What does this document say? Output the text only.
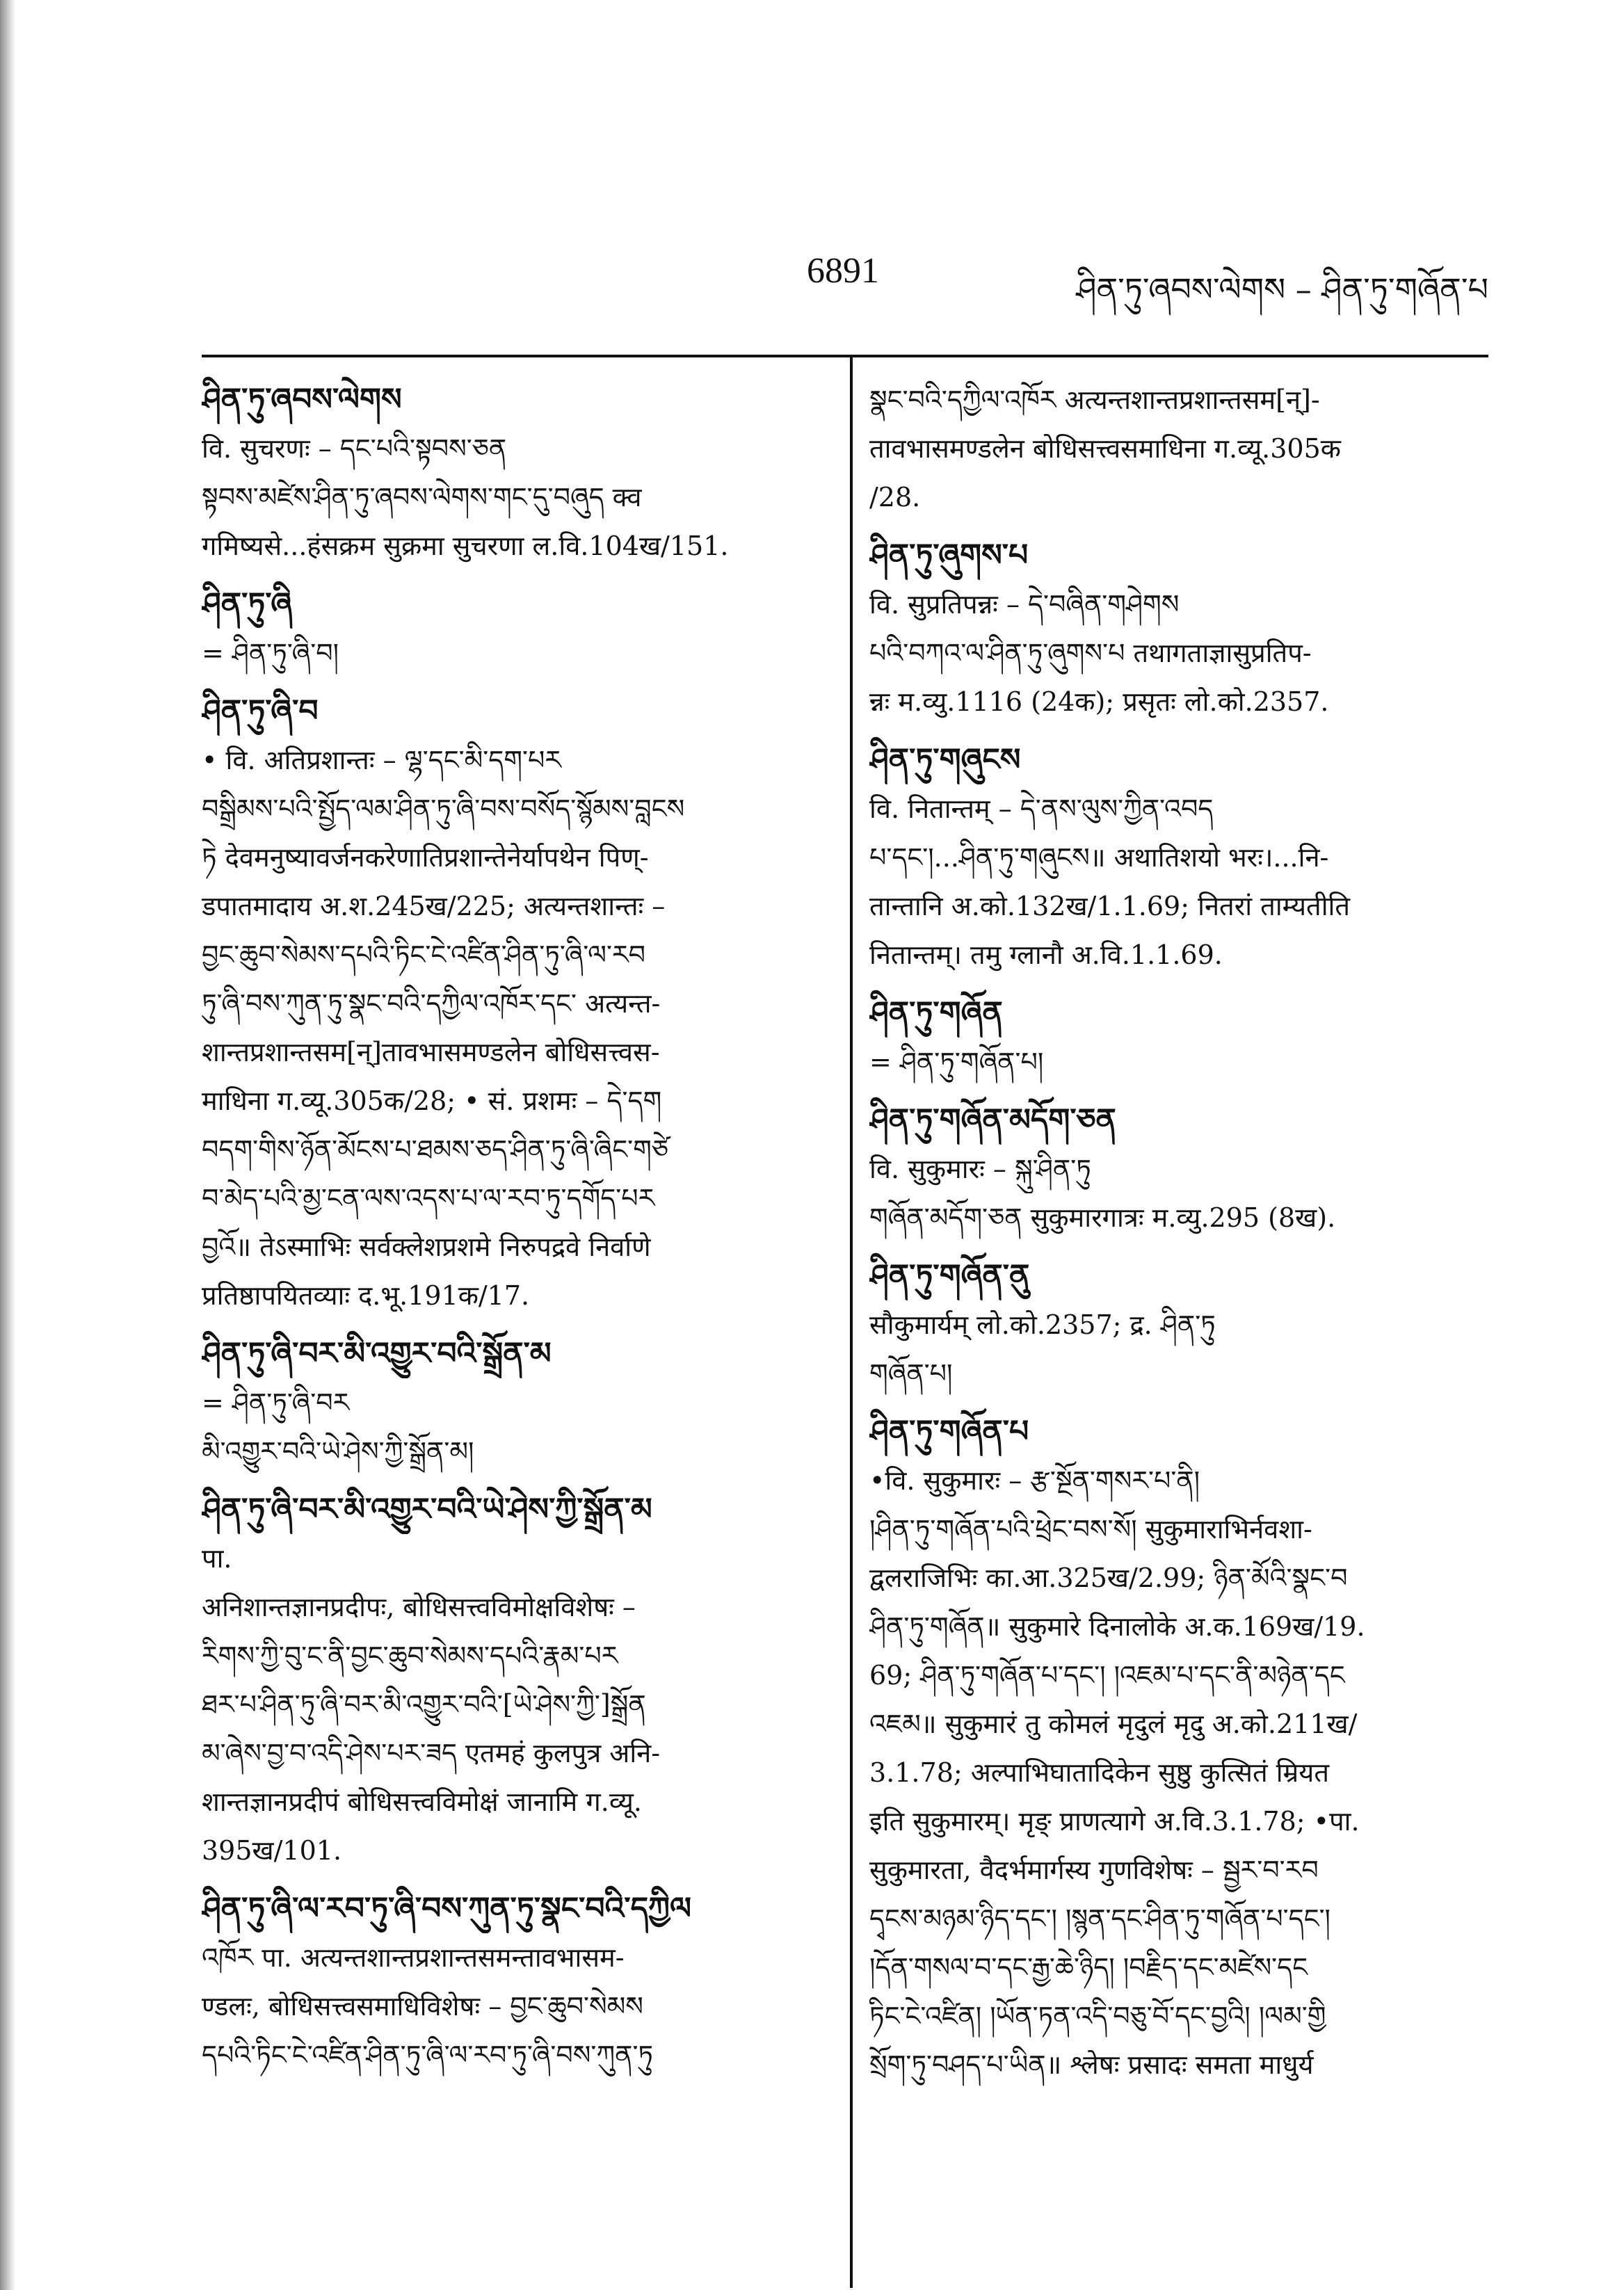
6891	ཤིན་ཏུ་ཞབས་ལེགས – ཤིན་ཏུ་གཞོན་པ
ཤིན་ཏུ་ཞབས་ལེགས
वि. सुचरणः – དང་པའི་སྟབས་ཅན
སྟབས་མཛེས་ཤིན་ཏུ་ཞབས་ལེགས་གང་དུ་བཞུད क्व
गमिष्यसे...हंसक्रम सुक्रमा सुचरणा ल.वि.104ख/151.
ཤིན་ཏུ་ཞི
= ཤིན་ཏུ་ཞི་བ།
ཤིན་ཏུ་ཞི་བ
• वि. अतिप्रशान्तः – ལྷ་དང་མི་དག་པར
བསྒྲིམས་པའི་སྤྱོད་ལམ་ཤིན་ཏུ་ཞི་བས་བསོད་སྙོམས་བླངས
ཏེ देवमनुष्यावर्जनकरेणातिप्रशान्तेनेर्यापथेन पिण्-
डपातमादाय अ.श.245ख/225; अत्यन्तशान्तः –
བྱང་ཆུབ་སེམས་དཔའི་ཏིང་ངེ་འཛིན་ཤིན་ཏུ་ཞི་ལ་རབ
ཏུ་ཞི་བས་ཀུན་ཏུ་སྣང་བའི་དཀྱིལ་འཁོར་དང་ अत्यन्त-
शान्तप्रशान्तसम[न्]तावभासमण्डलेन बोधिसत्त्वस-
माधिना ग.व्यू.305क/28; • सं. प्रशमः – དེ་དག
བདག་གིས་ཉོན་མོངས་པ་ཐམས་ཅད་ཤིན་ཏུ་ཞི་ཞིང་གཙེ
བ་མེད་པའི་མྱ་ངན་ལས་འདས་པ་ལ་རབ་ཏུ་དགོད་པར
བྱའོ॥ तेऽस्माभिः सर्वक्लेशप्रशमे निरुपद्रवे निर्वाणे
प्रतिष्ठापयितव्याः द.भू.191क/17.
ཤིན་ཏུ་ཞི་བར་མི་འགྱུར་བའི་སྒྲོན་མ
= ཤིན་ཏུ་ཞི་བར
མི་འགྱུར་བའི་ཡེ་ཤེས་ཀྱི་སྒྲོན་མ།
ཤིན་ཏུ་ཞི་བར་མི་འགྱུར་བའི་ཡེ་ཤེས་ཀྱི་སྒྲོན་མ
पा.
अनिशान्तज्ञानप्रदीपः, बोधिसत्त्वविमोक्षविशेषः –
རིགས་ཀྱི་བུ་ང་ནི་བྱང་ཆུབ་སེམས་དཔའི་རྣམ་པར
ཐར་པ་ཤིན་ཏུ་ཞི་བར་མི་འགྱུར་བའི་[ཡེ་ཤེས་ཀྱི་]སྒྲོན
མ་ཞེས་བྱ་བ་འདི་ཤེས་པར་ཟད एतमहं कुलपुत्र अनि-
शान्तज्ञानप्रदीपं बोधिसत्त्वविमोक्षं जानामि ग.व्यू.
395ख/101.
ཤིན་ཏུ་ཞི་ལ་རབ་ཏུ་ཞི་བས་ཀུན་ཏུ་སྣང་བའི་དཀྱིལ
འཁོར पा. अत्यन्तशान्तप्रशान्तसमन्तावभासम-
ण्डलः, बोधिसत्त्वसमाधिविशेषः – བྱང་ཆུབ་སེམས
དཔའི་ཏིང་ངེ་འཛིན་ཤིན་ཏུ་ཞི་ལ་རབ་ཏུ་ཞི་བས་ཀུན་ཏུ
སྣང་བའི་དཀྱིལ་འཁོར अत्यन्तशान्तप्रशान्तसम[न्]-
तावभासमण्डलेन बोधिसत्त्वसमाधिना ग.व्यू.305क
/28.
ཤིན་ཏུ་ཞུགས་པ
वि. सुप्रतिपन्नः – དེ་བཞིན་གཤེགས
པའི་བཀའ་ལ་ཤིན་ཏུ་ཞུགས་པ तथागताज्ञासुप्रतिप-
न्नः म.व्यु.1116 (24क); प्रसृतः लो.को.2357.
ཤིན་ཏུ་གཞུངས
वि. नितान्तम् – དེ་ནས་ལུས་ཀྱིན་འབད
པ་དང་།...ཤིན་ཏུ་གཞུངས॥ अथातिशयो भरः।...नि-
तान्तानि अ.को.132ख/1.1.69; नितरां ताम्यतीति
नितान्तम्। तमु ग्लानौ अ.वि.1.1.69.
ཤིན་ཏུ་གཞོན
= ཤིན་ཏུ་གཞོན་པ།
ཤིན་ཏུ་གཞོན་མདོག་ཅན
वि. सुकुमारः – སྐུ་ཤིན་ཏུ
གཞོན་མདོག་ཅན सुकुमारगात्रः म.व्यु.295 (8ख).
ཤིན་ཏུ་གཞོན་ནུ
सौकुमार्यम् लो.को.2357; द्र. ཤིན་ཏུ
གཞོན་པ།
ཤིན་ཏུ་གཞོན་པ
•वि. सुकुमारः – རྩ་སྔོན་གསར་པ་ནི།
།ཤིན་ཏུ་གཞོན་པའི་ཕྲེང་བས་སོ། सुकुमाराभिर्नवशा-
द्वलराजिभिः का.आ.325ख/2.99; ཉིན་མོའི་སྣང་བ
ཤིན་ཏུ་གཞོན॥ सुकुमारे दिनालोके अ.क.169ख/19.
69; ཤིན་ཏུ་གཞོན་པ་དང་། །འཇམ་པ་དང་ནི་མཉེན་དང
འཇམ॥ सुकुमारं तु कोमलं मृदुलं मृदु अ.को.211ख/
3.1.78; अल्पाभिघातादिकेन सुष्ठु कुत्सितं म्रियत
इति सुकुमारम्। मृङ् प्राणत्यागे अ.वि.3.1.78; •पा.
सुकुमारता, वैदर्भमार्गस्य गुणविशेषः – སྦྱར་བ་རབ
དྭངས་མཉམ་ཉིད་དང་། །སྙན་དང་ཤིན་ཏུ་གཞོན་པ་དང་།
།དོན་གསལ་བ་དང་རྒྱ་ཆེ་ཉིད། །བརྗིད་དང་མཛེས་དང
ཏིང་ངེ་འཛིན། །ཡོན་ཏན་འདི་བཅུ་བོ་དང་བྱའི། །ལམ་གྱི
སྲོག་ཏུ་བཤད་པ་ཡིན॥ श्लेषः प्रसादः समता माधुर्य
